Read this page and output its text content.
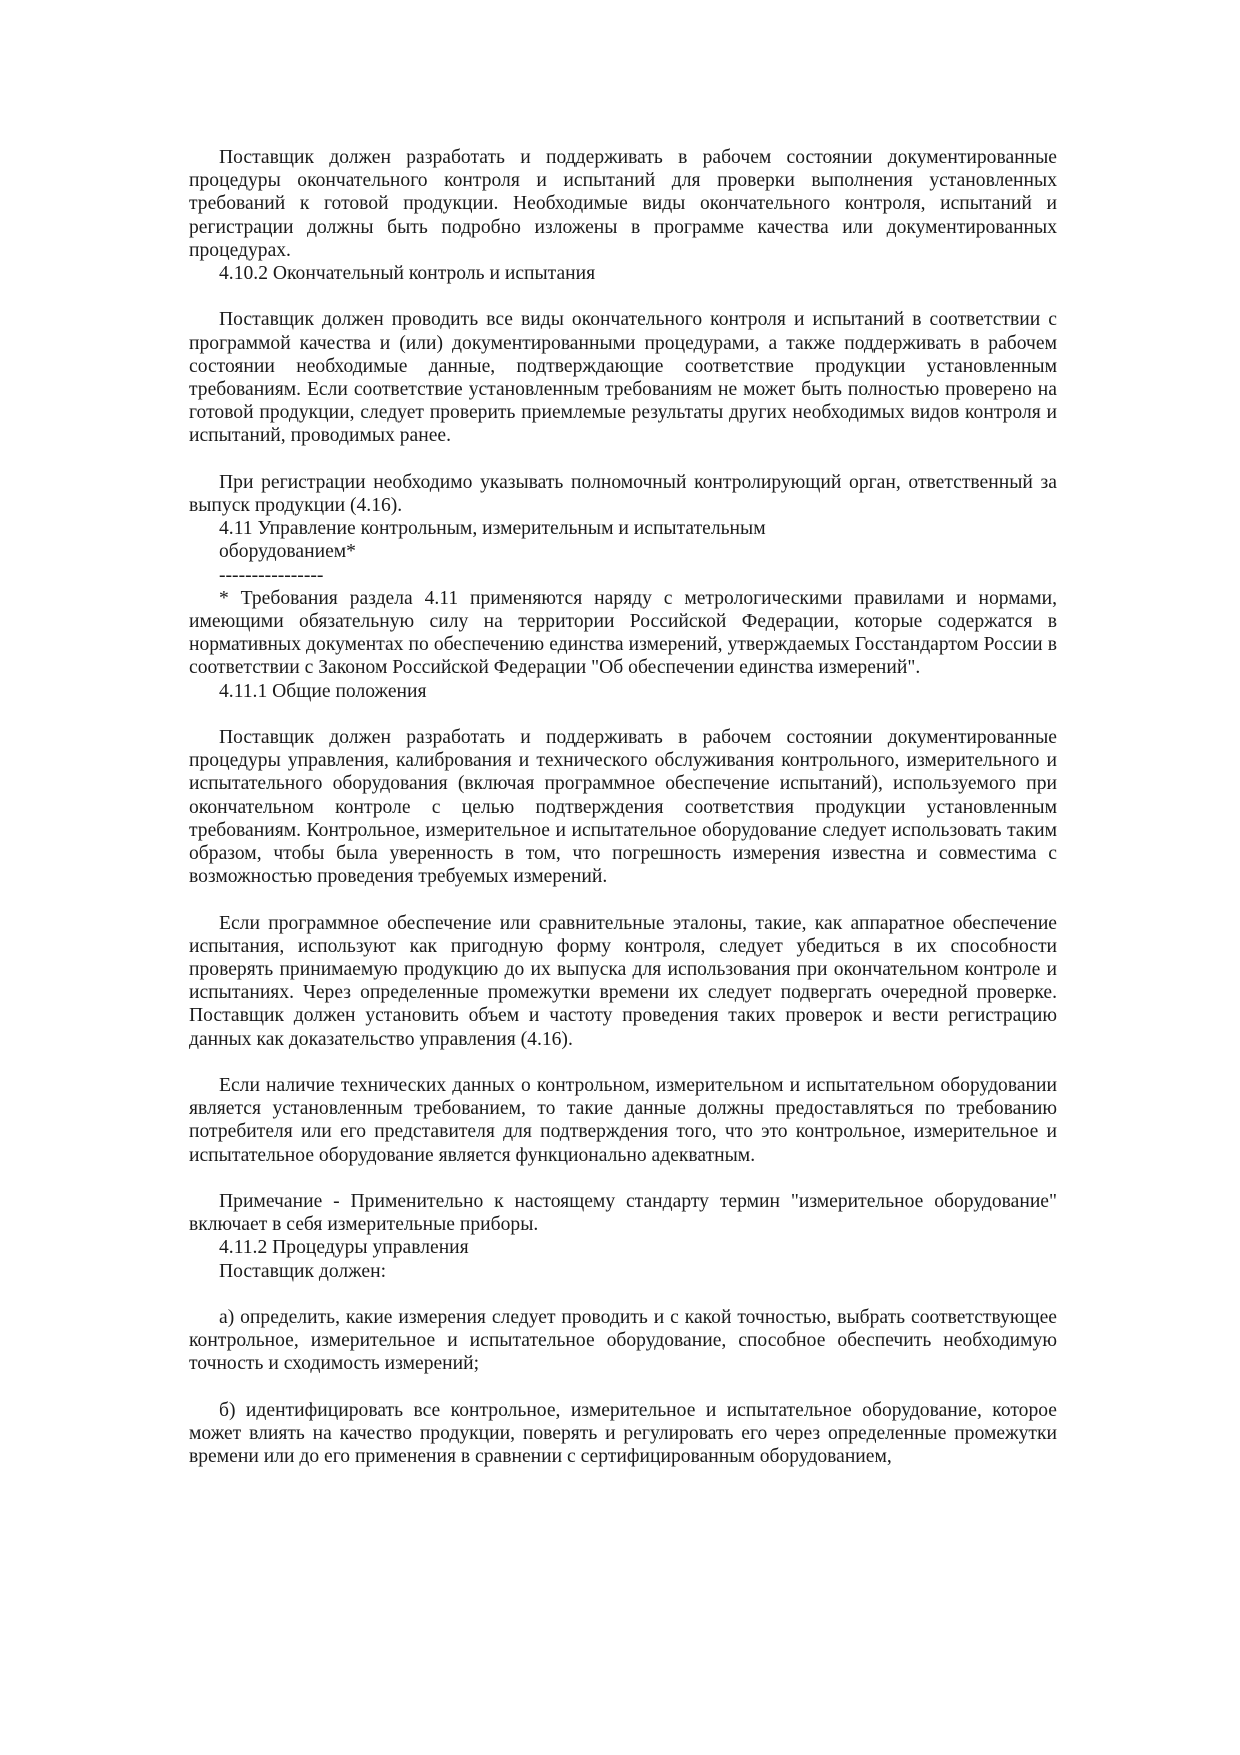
Поставщик должен разработать и поддерживать в рабочем состоянии документированные процедуры окончательного контроля и испытаний для проверки выполнения установленных требований к готовой продукции. Необходимые виды окончательного контроля, испытаний и регистрации должны быть подробно изложены в программе качества или документированных процедурах.

4.10.2 Окончательный контроль и испытания

Поставщик должен проводить все виды окончательного контроля и испытаний в соответствии с программой качества и (или) документированными процедурами, а также поддерживать в рабочем состоянии необходимые данные, подтверждающие соответствие продукции установленным требованиям. Если соответствие установленным требованиям не может быть полностью проверено на готовой продукции, следует проверить приемлемые результаты других необходимых видов контроля и испытаний, проводимых ранее.

При регистрации необходимо указывать полномочный контролирующий орган, ответственный за выпуск продукции (4.16).

4.11 Управление контрольным, измерительным и испытательным

оборудованием*

----------------

* Требования раздела 4.11 применяются наряду с метрологическими правилами и нормами, имеющими обязательную силу на территории Российской Федерации, которые содержатся в нормативных документах по обеспечению единства измерений, утверждаемых Госстандартом России в соответствии с Законом Российской Федерации "Об обеспечении единства измерений".

4.11.1 Общие положения

Поставщик должен разработать и поддерживать в рабочем состоянии документированные процедуры управления, калибрования и технического обслуживания контрольного, измерительного и испытательного оборудования (включая программное обеспечение испытаний), используемого при окончательном контроле с целью подтверждения соответствия продукции установленным требованиям. Контрольное, измерительное и испытательное оборудование следует использовать таким образом, чтобы была уверенность в том, что погрешность измерения известна и совместима с возможностью проведения требуемых измерений.

Если программное обеспечение или сравнительные эталоны, такие, как аппаратное обеспечение испытания, используют как пригодную форму контроля, следует убедиться в их способности проверять принимаемую продукцию до их выпуска для использования при окончательном контроле и испытаниях. Через определенные промежутки времени их следует подвергать очередной проверке. Поставщик должен установить объем и частоту проведения таких проверок и вести регистрацию данных как доказательство управления (4.16).

Если наличие технических данных о контрольном, измерительном и испытательном оборудовании является установленным требованием, то такие данные должны предоставляться по требованию потребителя или его представителя для подтверждения того, что это контрольное, измерительное и испытательное оборудование является функционально адекватным.

Примечание - Применительно к настоящему стандарту термин "измерительное оборудование" включает в себя измерительные приборы.

4.11.2 Процедуры управления

Поставщик должен:

а) определить, какие измерения следует проводить и с какой точностью, выбрать соответствующее контрольное, измерительное и испытательное оборудование, способное обеспечить необходимую точность и сходимость измерений;

б) идентифицировать все контрольное, измерительное и испытательное оборудование, которое может влиять на качество продукции, поверять и регулировать его через определенные промежутки времени или до его применения в сравнении с сертифицированным оборудованием,
